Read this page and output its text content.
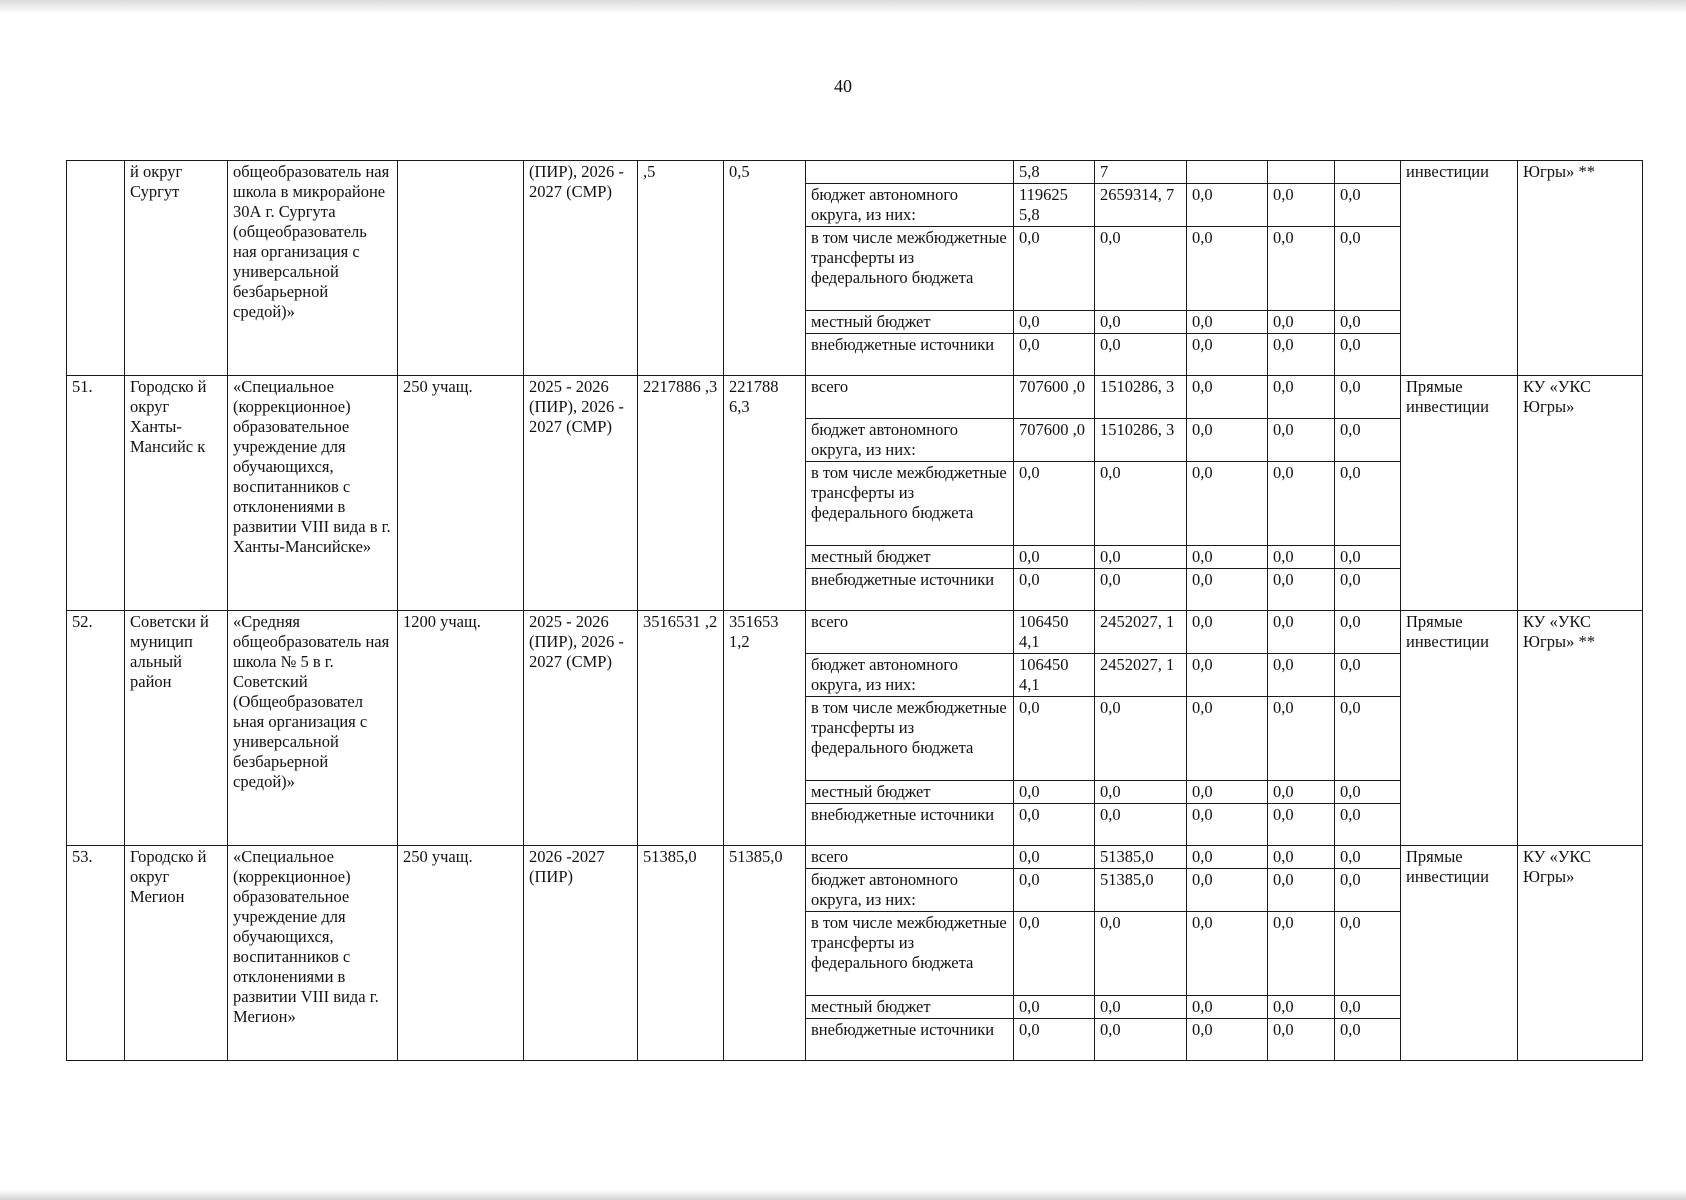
40
	й округ Сургут	общеобразователь ная школа в микрорайоне 30А г. Сургута (общеобразователь ная организация с универсальной безбарьерной средой)»		(ПИР), 2026 - 2027 (СМР)	,5	0,5		5,8	7				инвестиции	Югры» **
							бюджет автономного округа, из них:	119625 5,8	2659314, 7	0,0	0,0	0,0		
							в том числе межбюджетные трансферты из федерального бюджета	0,0	0,0	0,0	0,0	0,0		
							местный бюджет	0,0	0,0	0,0	0,0	0,0		
							внебюджетные источники	0,0	0,0	0,0	0,0	0,0		
51.	Городско й округ Ханты-Мансийс к	«Специальное (коррекционное) образовательное учреждение для обучающихся, воспитанников с отклонениями в развитии VIII вида в г. Ханты-Мансийске»	250 учащ.	2025 - 2026 (ПИР), 2026 - 2027 (СМР)	2217886 ,3	221788 6,3	всего	707600 ,0	1510286, 3	0,0	0,0	0,0	Прямые инвестиции	КУ «УКС Югры»
							бюджет автономного округа, из них:	707600 ,0	1510286, 3	0,0	0,0	0,0		
							в том числе межбюджетные трансферты из федерального бюджета	0,0	0,0	0,0	0,0	0,0		
							местный бюджет	0,0	0,0	0,0	0,0	0,0		
							внебюджетные источники	0,0	0,0	0,0	0,0	0,0		
52.	Советски й муницип альный район	«Средняя общеобразователь ная школа № 5 в г. Советский (Общеобразовател ьная организация с универсальной безбарьерной средой)»	1200 учащ.	2025 - 2026 (ПИР), 2026 - 2027 (СМР)	3516531 ,2	351653 1,2	всего	106450 4,1	2452027, 1	0,0	0,0	0,0	Прямые инвестиции	КУ «УКС Югры» **
							бюджет автономного округа, из них:	106450 4,1	2452027, 1	0,0	0,0	0,0		
							в том числе межбюджетные трансферты из федерального бюджета	0,0	0,0	0,0	0,0	0,0		
							местный бюджет	0,0	0,0	0,0	0,0	0,0		
							внебюджетные источники	0,0	0,0	0,0	0,0	0,0		
53.	Городско й округ Мегион	«Специальное (коррекционное) образовательное учреждение для обучающихся, воспитанников с отклонениями в развитии VIII вида г. Мегион»	250 учащ.	2026 -2027 (ПИР)	51385,0	51385,0	всего	0,0	51385,0	0,0	0,0	0,0	Прямые инвестиции	КУ «УКС Югры»
							бюджет автономного округа, из них:	0,0	51385,0	0,0	0,0	0,0		
							в том числе межбюджетные трансферты из федерального бюджета	0,0	0,0	0,0	0,0	0,0		
							местный бюджет	0,0	0,0	0,0	0,0	0,0		
							внебюджетные источники	0,0	0,0	0,0	0,0	0,0		
